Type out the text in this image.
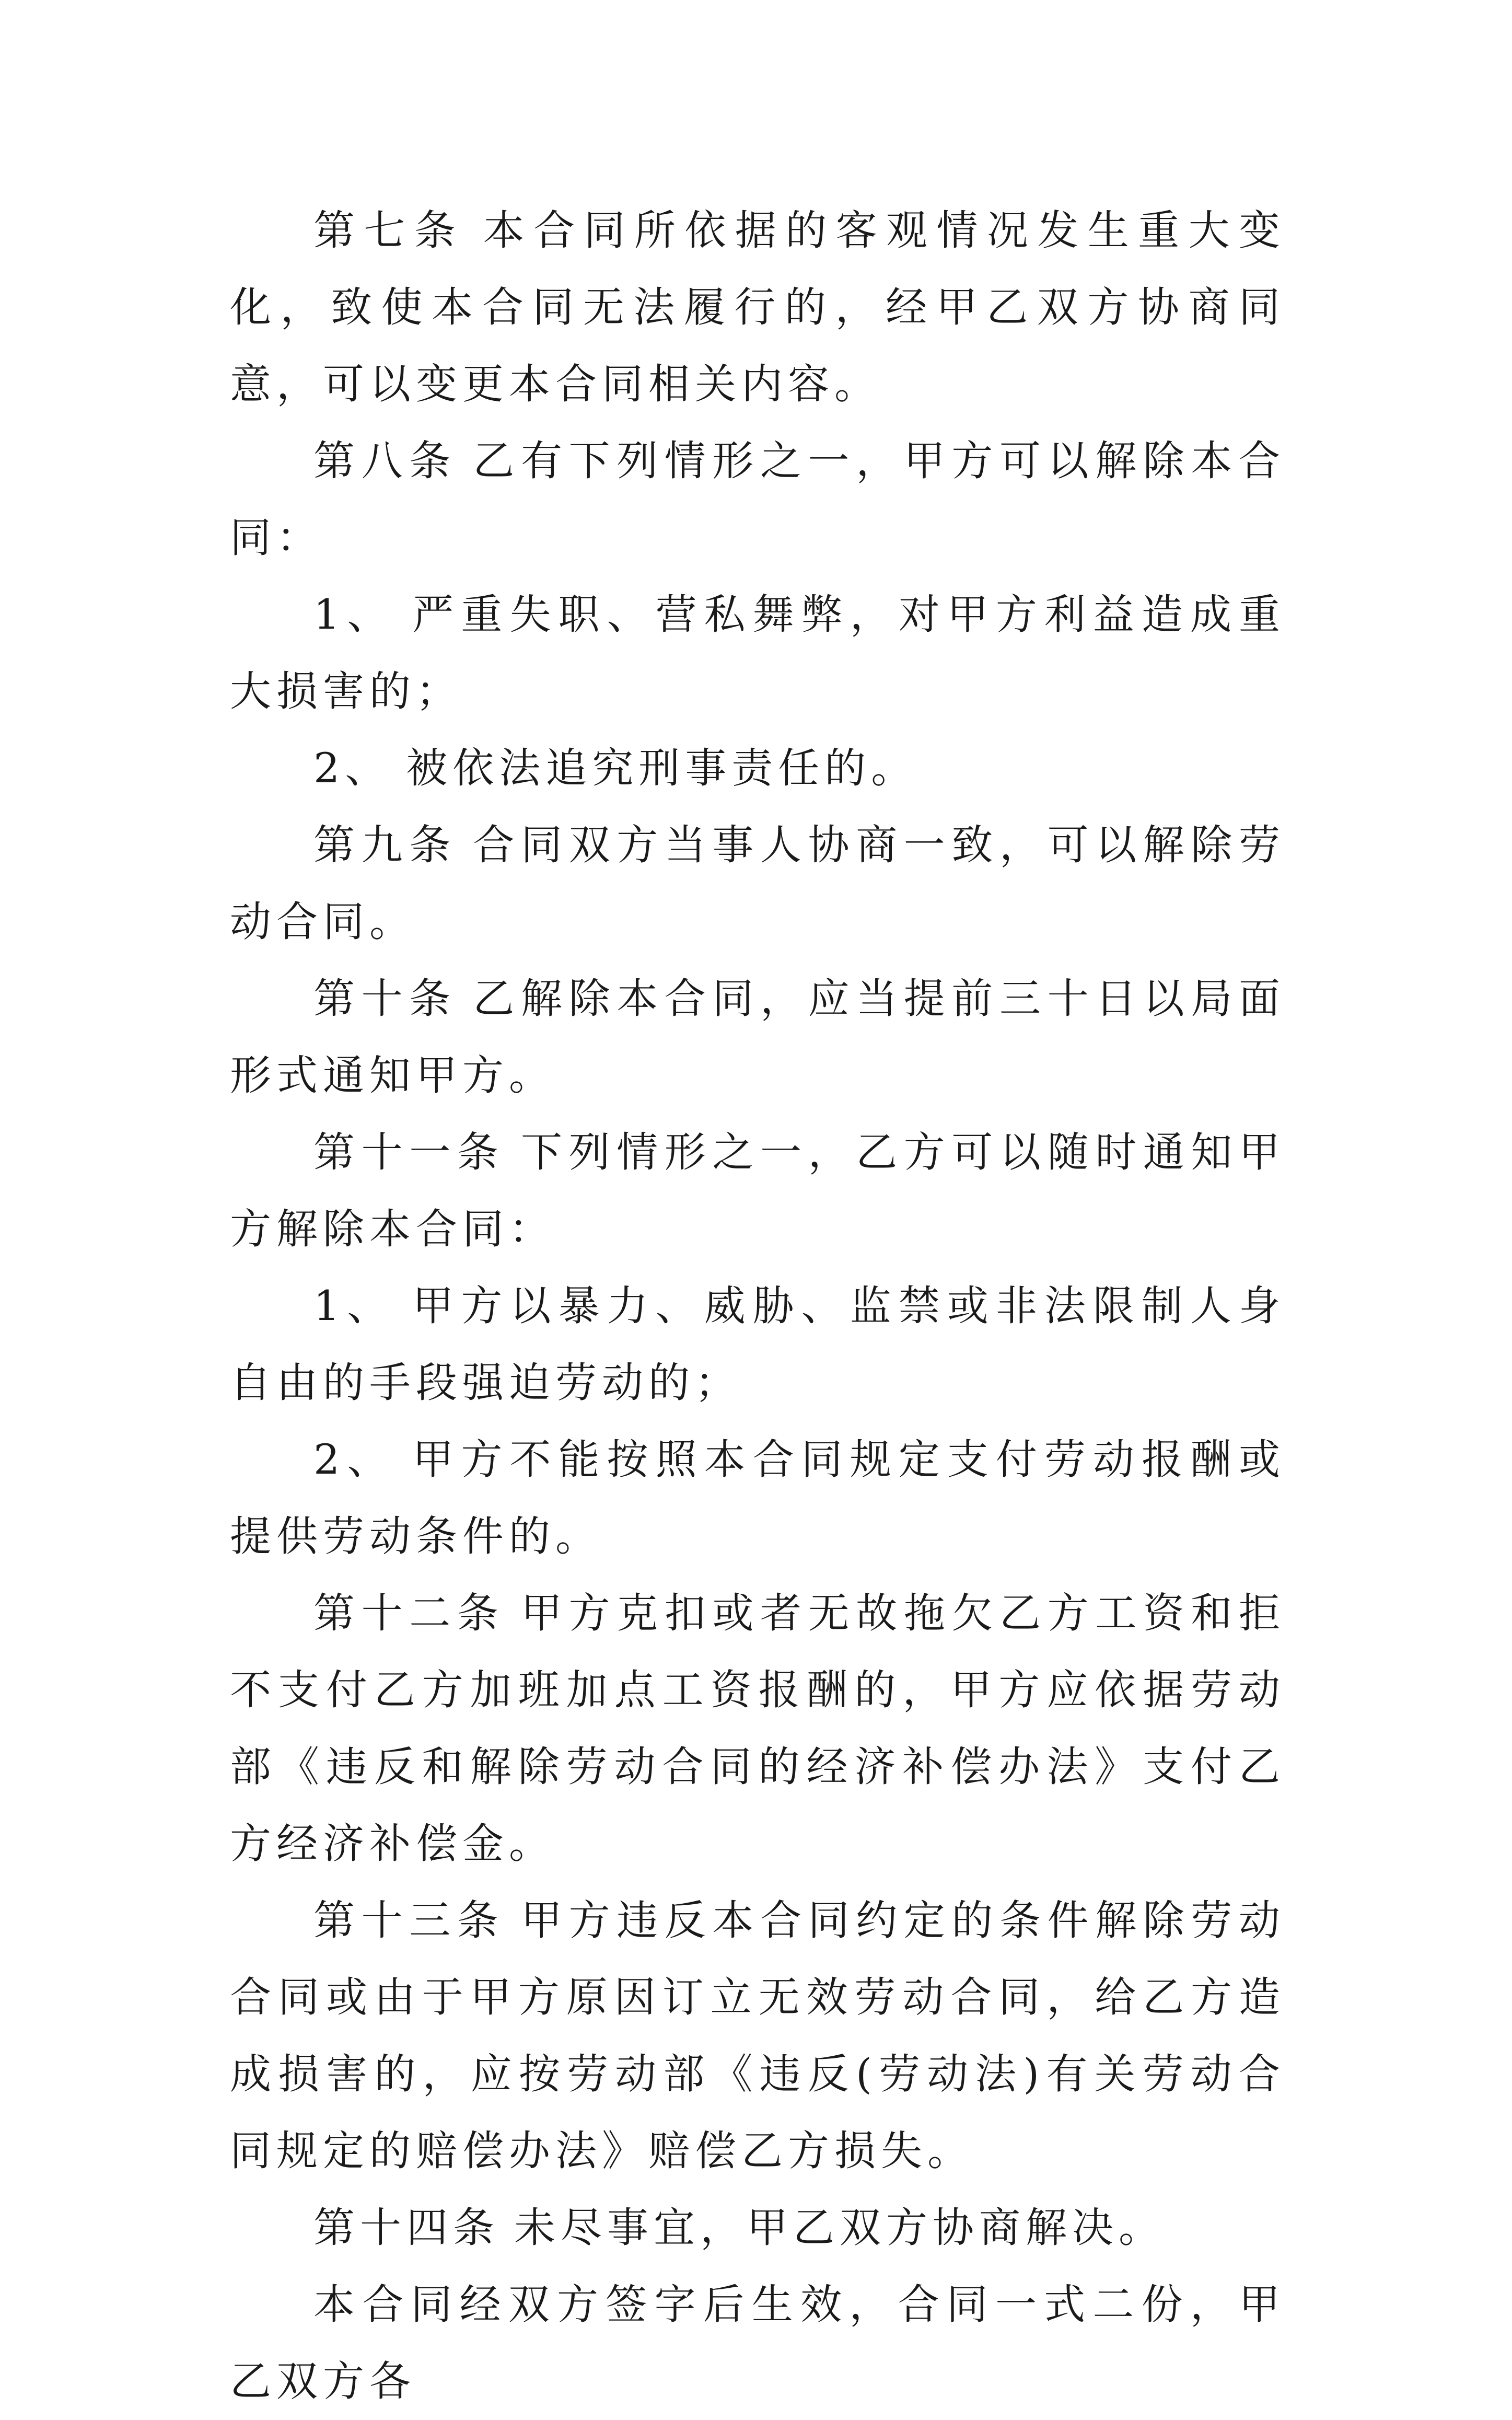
第七条 本合同所依据的客观情况发生重大变化，致使本合同无法履行的，经甲乙双方协商同意，可以变更本合同相关内容。

第八条 乙有下列情形之一，甲方可以解除本合同：

1、 严重失职、营私舞弊，对甲方利益造成重大损害的；

2、 被依法追究刑事责任的。

第九条 合同双方当事人协商一致，可以解除劳动合同。

第十条 乙解除本合同，应当提前三十日以局面形式通知甲方。

第十一条 下列情形之一，乙方可以随时通知甲方解除本合同：

1、 甲方以暴力、威胁、监禁或非法限制人身自由的手段强迫劳动的；

2、 甲方不能按照本合同规定支付劳动报酬或提供劳动条件的。

第十二条 甲方克扣或者无故拖欠乙方工资和拒不支付乙方加班加点工资报酬的，甲方应依据劳动部《违反和解除劳动合同的经济补偿办法》支付乙方经济补偿金。

第十三条 甲方违反本合同约定的条件解除劳动合同或由于甲方原因订立无效劳动合同，给乙方造成损害的，应按劳动部《违反(劳动法)有关劳动合同规定的赔偿办法》赔偿乙方损失。

第十四条 未尽事宜，甲乙双方协商解决。

本合同经双方签字后生效，合同一式二份，甲乙双方各
